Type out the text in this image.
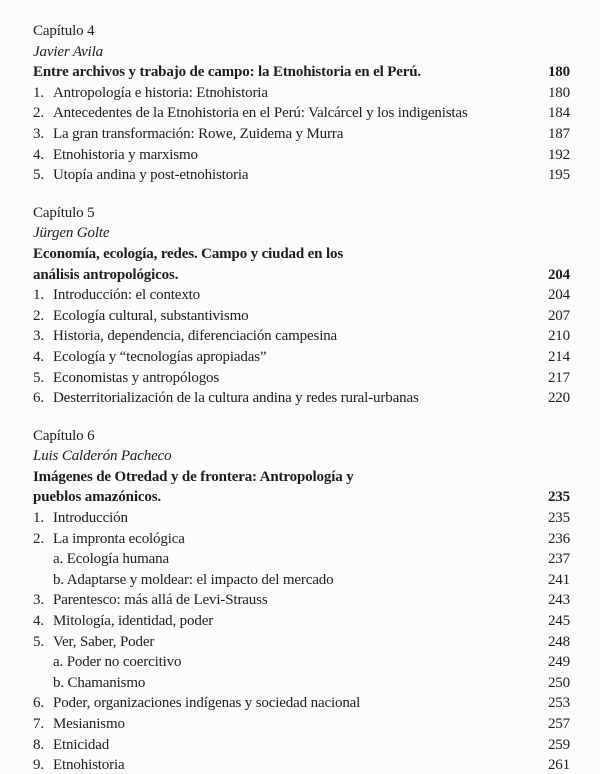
Capítulo 4
Javier Avila
Entre archivos y trabajo de campo: la Etnohistoria en el Perú.	180
1. Antropología e historia: Etnohistoria	180
2. Antecedentes de la Etnohistoria en el Perú: Valcárcel y los indigenistas	184
3. La gran transformación: Rowe, Zuidema y Murra	187
4. Etnohistoria y marxismo	192
5. Utopía andina y post-etnohistoria	195
Capítulo 5
Jürgen Golte
Economía, ecología, redes. Campo y ciudad en los
análisis antropológicos.	204
1. Introducción: el contexto	204
2. Ecología cultural, substantivismo	207
3. Historia, dependencia, diferenciación campesina	210
4. Ecología y “tecnologías apropiadas”	214
5. Economistas y antropólogos	217
6. Desterritorialización de la cultura andina y redes rural-urbanas	220
Capítulo 6
Luis Calderón Pacheco
Imágenes de Otredad y de frontera: Antropología y
pueblos amazónicos.	235
1. Introducción	235
2. La impronta ecológica	236
a. Ecología humana	237
b. Adaptarse y moldear: el impacto del mercado	241
3. Parentesco: más allá de Levi-Strauss	243
4. Mitología, identidad, poder	245
5. Ver, Saber, Poder	248
a. Poder no coercitivo	249
b. Chamanismo	250
6. Poder, organizaciones indígenas y sociedad nacional	253
7. Mesianismo	257
8. Etnicidad	259
9. Etnohistoria	261
